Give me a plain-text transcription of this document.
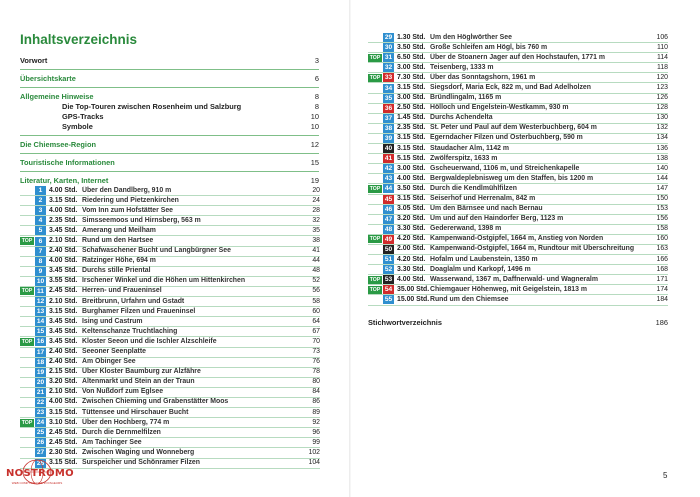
Inhaltsverzeichnis
Vorwort	3
Übersichtskarte	6
Allgemeine Hinweise	8
Die Top-Touren zwischen Rosenheim und Salzburg	8
GPS-Tracks	10
Symbole	10
Die Chiemsee-Region	12
Touristische Informationen	15
Literatur, Karten, Internet	19
1 4.00 Std. Über den Dandlberg, 910 m	20
2 3.15 Std. Riedering und Pietzenkirchen	24
3 4.00 Std. Vom Inn zum Hofstätter See	28
4 2.35 Std. Simsseemoos und Hirnsberg, 563 m	32
5 3.45 Std. Amerang und Meilham	35
TOP 6 2.10 Std. Rund um den Hartsee	38
7 2.40 Std. Schafwaschener Bucht und Langbürgner See	41
8 4.00 Std. Ratzinger Höhe, 694 m	44
9 3.45 Std. Durchs stille Priental	48
10 3.55 Std. Irschener Winkel und die Höhen um Hittenkirchen	52
TOP 11 2.45 Std. Herren- und Fraueninsel	56
12 2.10 Std. Breitbrunn, Urfahrn und Gstadt	58
13 3.15 Std. Burghamer Filzen und Fraueninsel	60
14 3.45 Std. Ising und Castrum	64
15 3.45 Std. Keltenschanze Truchtlaching	67
TOP 16 3.45 Std. Kloster Seeon und die Ischler Alzschleife	70
17 2.40 Std. Seeoner Seenplatte	73
18 2.40 Std. Am Obinger See	76
19 2.15 Std. Über Kloster Baumburg zur Alzfähre	78
20 3.20 Std. Altenmarkt und Stein an der Traun	80
21 2.10 Std. Von Nußdorf zum Eglsee	84
22 4.00 Std. Zwischen Chieming und Grabenstätter Moos	86
23 3.15 Std. Tüttensee und Hirschauer Bucht	89
TOP 24 3.10 Std. Über den Hochberg, 774 m	92
25 2.45 Std. Durch die Dernmelfilzen	96
26 2.45 Std. Am Tachinger See	99
27 2.30 Std. Zwischen Waging und Wonneberg	102
28 3.15 Std. Surspeicher und Schönramer Filzen	104
29 1.30 Std. Um den Höglwörther See	106
30 3.50 Std. Große Schleifen am Högl, bis 760 m	110
TOP 31 6.50 Std. Über de Stoanern Jager auf den Hochstaufen, 1771 m	114
32 3.00 Std. Teisenberg, 1333 m	118
TOP 33 7.30 Std. Über das Sonntagshorn, 1961 m	120
34 3.15 Std. Siegsdorf, Maria Eck, 822 m, und Bad Adelholzen	123
35 3.00 Std. Bründlingalm, 1165 m	126
36 2.50 Std. Hölloch und Engelstein-Westkamm, 930 m	128
37 1.45 Std. Durchs Achendelta	130
38 2.35 Std. St. Peter und Paul auf dem Westerbuchberg, 604 m	132
39 3.15 Std. Egerndacher Filzen und Osterbuchberg, 590 m	134
40 3.15 Std. Staudacher Alm, 1142 m	136
41 5.15 Std. Zwölferspitz, 1633 m	138
42 3.00 Std. Gscheuerwand, 1106 m, und Streichenkapelle	140
43 4.00 Std. Bergwaldерlebnisweg um den Staffen, bis 1200 m	144
TOP 44 3.50 Std. Durch die Kendlmühlfilzen	147
45 3.15 Std. Seiserhof und Herrenalm, 842 m	150
46 3.05 Std. Um den Bärnsee und nach Bernau	153
47 3.20 Std. Um und auf den Haindorfer Berg, 1123 m	156
48 3.30 Std. Gedererwand, 1398 m	158
TOP 49 4.20 Std. Kampenwand-Ostgipfel, 1664 m, Anstieg von Norden	160
50 2.00 Std. Kampenwand-Ostgipfel, 1664 m, Rundtour mit Überschreitung	163
51 4.20 Std. Hofalm und Laubenstein, 1350 m	166
52 3.30 Std. Doaglalm und Karkopf, 1496 m	168
TOP 53 4.00 Std. Wasserwand, 1367 m, Daffnerwald- und Wagneralm	171
TOP 54 35.00 Std. Chiemgauer Höhenweg, mit Geigelstein, 1813 m	174
55 15.00 Std. Rund um den Chiemsee	184
Stichwortverzeichnis	186
5
NOSTROMO
WEB COMPTOIR DES VOYAGEURS
